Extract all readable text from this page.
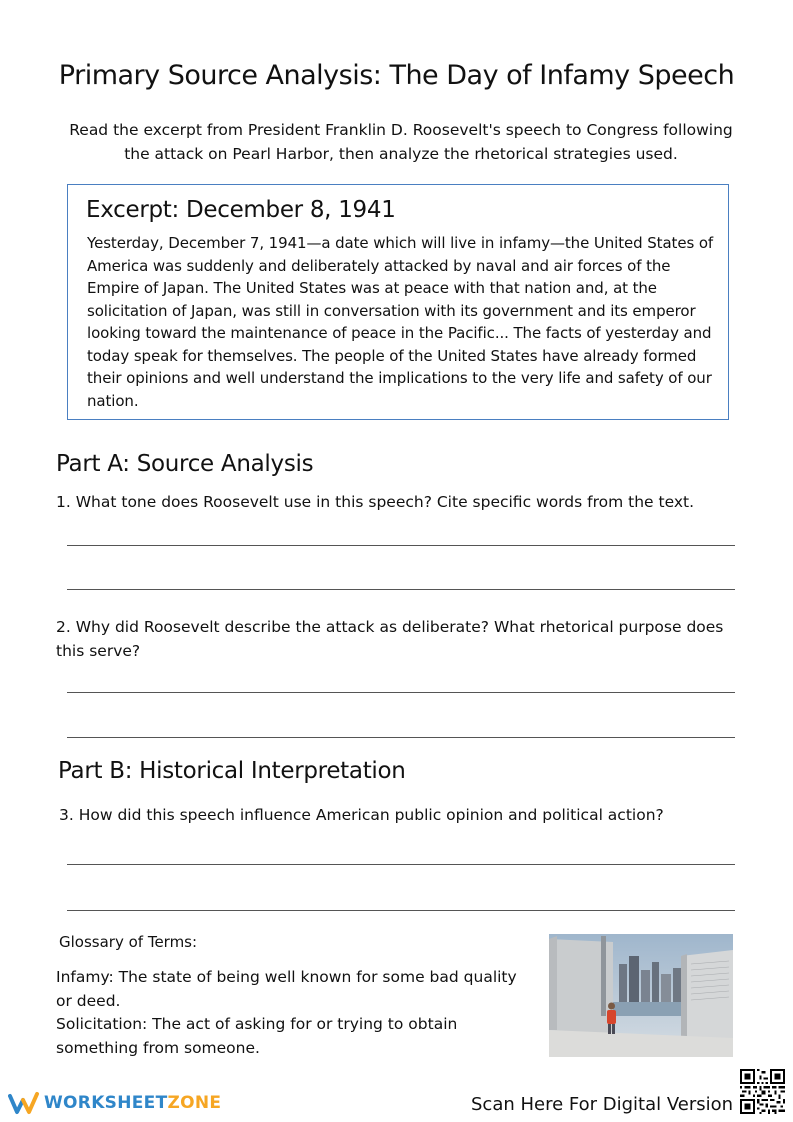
Primary Source Analysis: The Day of Infamy Speech
Read the excerpt from President Franklin D. Roosevelt's speech to Congress following the attack on Pearl Harbor, then analyze the rhetorical strategies used.
Excerpt: December 8, 1941
Yesterday, December 7, 1941—a date which will live in infamy—the United States of America was suddenly and deliberately attacked by naval and air forces of the Empire of Japan. The United States was at peace with that nation and, at the solicitation of Japan, was still in conversation with its government and its emperor looking toward the maintenance of peace in the Pacific... The facts of yesterday and today speak for themselves. The people of the United States have already formed their opinions and well understand the implications to the very life and safety of our nation.
Part A: Source Analysis
1. What tone does Roosevelt use in this speech? Cite specific words from the text.
2. Why did Roosevelt describe the attack as deliberate? What rhetorical purpose does this serve?
Part B: Historical Interpretation
3. How did this speech influence American public opinion and political action?
Glossary of Terms:
Infamy: The state of being well known for some bad quality or deed.
Solicitation: The act of asking for or trying to obtain something from someone.
WORKSHEETZONE	Scan Here For Digital Version
